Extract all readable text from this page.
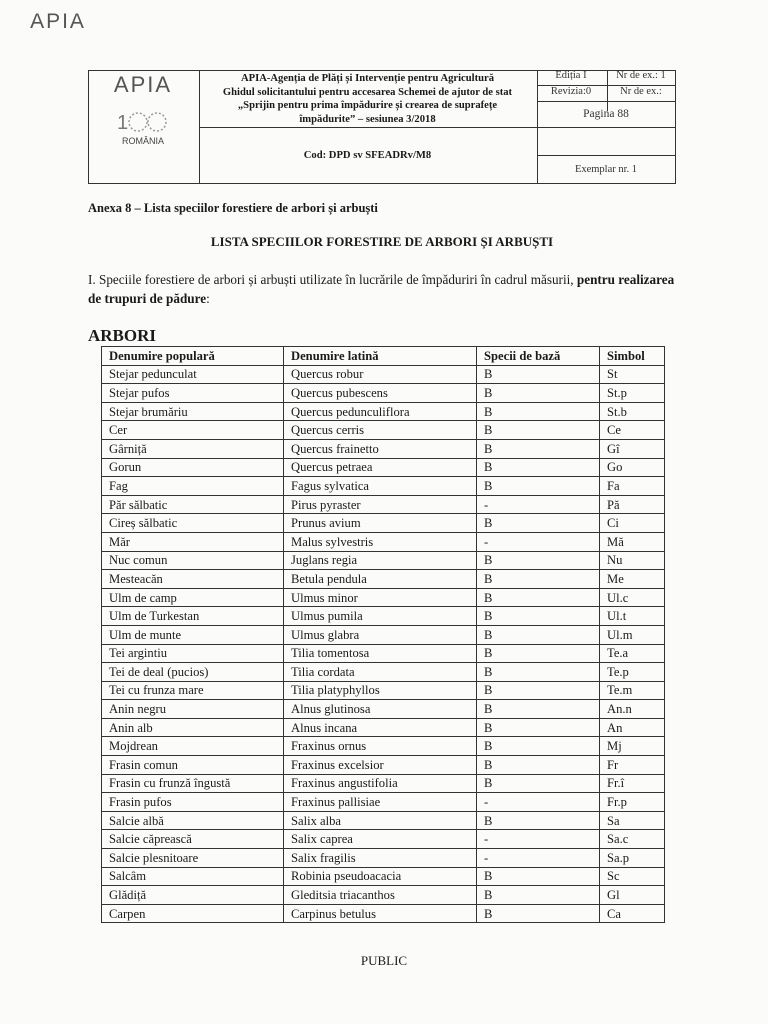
APIA
1
APIA
ROMÂNIA
APIA-Agenția de Plăți și Intervenție pentru Agricultură
Ghidul solicitantului pentru accesarea Schemei de ajutor de stat
„Sprijin pentru prima împădurire și crearea de suprafețe
împădurite” – sesiunea 3/2018
Cod: DPD sv SFEADRv/M8
Ediția I	Nr de ex.: 1
Revizia:0	Nr de ex.:
Pagina 88
Exemplar nr. 1
Anexa 8 – Lista speciilor forestiere de arbori și arbuști
LISTA SPECIILOR FORESTIRE DE ARBORI ȘI ARBUȘTI
I. Speciile forestiere de arbori și arbuști utilizate în lucrările de împăduriri în cadrul măsurii, pentru realizarea de trupuri de pădure:
ARBORI
Denumire populară	Denumire latină	Specii de bază	Simbol
Stejar pedunculat	Quercus robur	B	St
Stejar pufos	Quercus pubescens	B	St.p
Stejar brumăriu	Quercus pedunculiflora	B	St.b
Cer	Quercus cerris	B	Ce
Gârniță	Quercus frainetto	B	Gî
Gorun	Quercus petraea	B	Go
Fag	Fagus sylvatica	B	Fa
Păr sălbatic	Pirus pyraster	-	Pă
Cireș sălbatic	Prunus avium	B	Ci
Măr	Malus sylvestris	-	Mă
Nuc comun	Juglans regia	B	Nu
Mesteacăn	Betula pendula	B	Me
Ulm de camp	Ulmus minor	B	Ul.c
Ulm de Turkestan	Ulmus pumila	B	Ul.t
Ulm de munte	Ulmus glabra	B	Ul.m
Tei argintiu	Tilia tomentosa	B	Te.a
Tei de deal (pucios)	Tilia cordata	B	Te.p
Tei cu frunza mare	Tilia platyphyllos	B	Te.m
Anin negru	Alnus glutinosa	B	An.n
Anin alb	Alnus incana	B	An
Mojdrean	Fraxinus ornus	B	Mj
Frasin comun	Fraxinus excelsior	B	Fr
Frasin cu frunză îngustă	Fraxinus angustifolia	B	Fr.î
Frasin pufos	Fraxinus pallisiae	-	Fr.p
Salcie albă	Salix alba	B	Sa
Salcie căprească	Salix caprea	-	Sa.c
Salcie plesnitoare	Salix fragilis	-	Sa.p
Salcâm	Robinia pseudoacacia	B	Sc
Glădiță	Gleditsia triacanthos	B	Gl
Carpen	Carpinus betulus	B	Ca
PUBLIC
